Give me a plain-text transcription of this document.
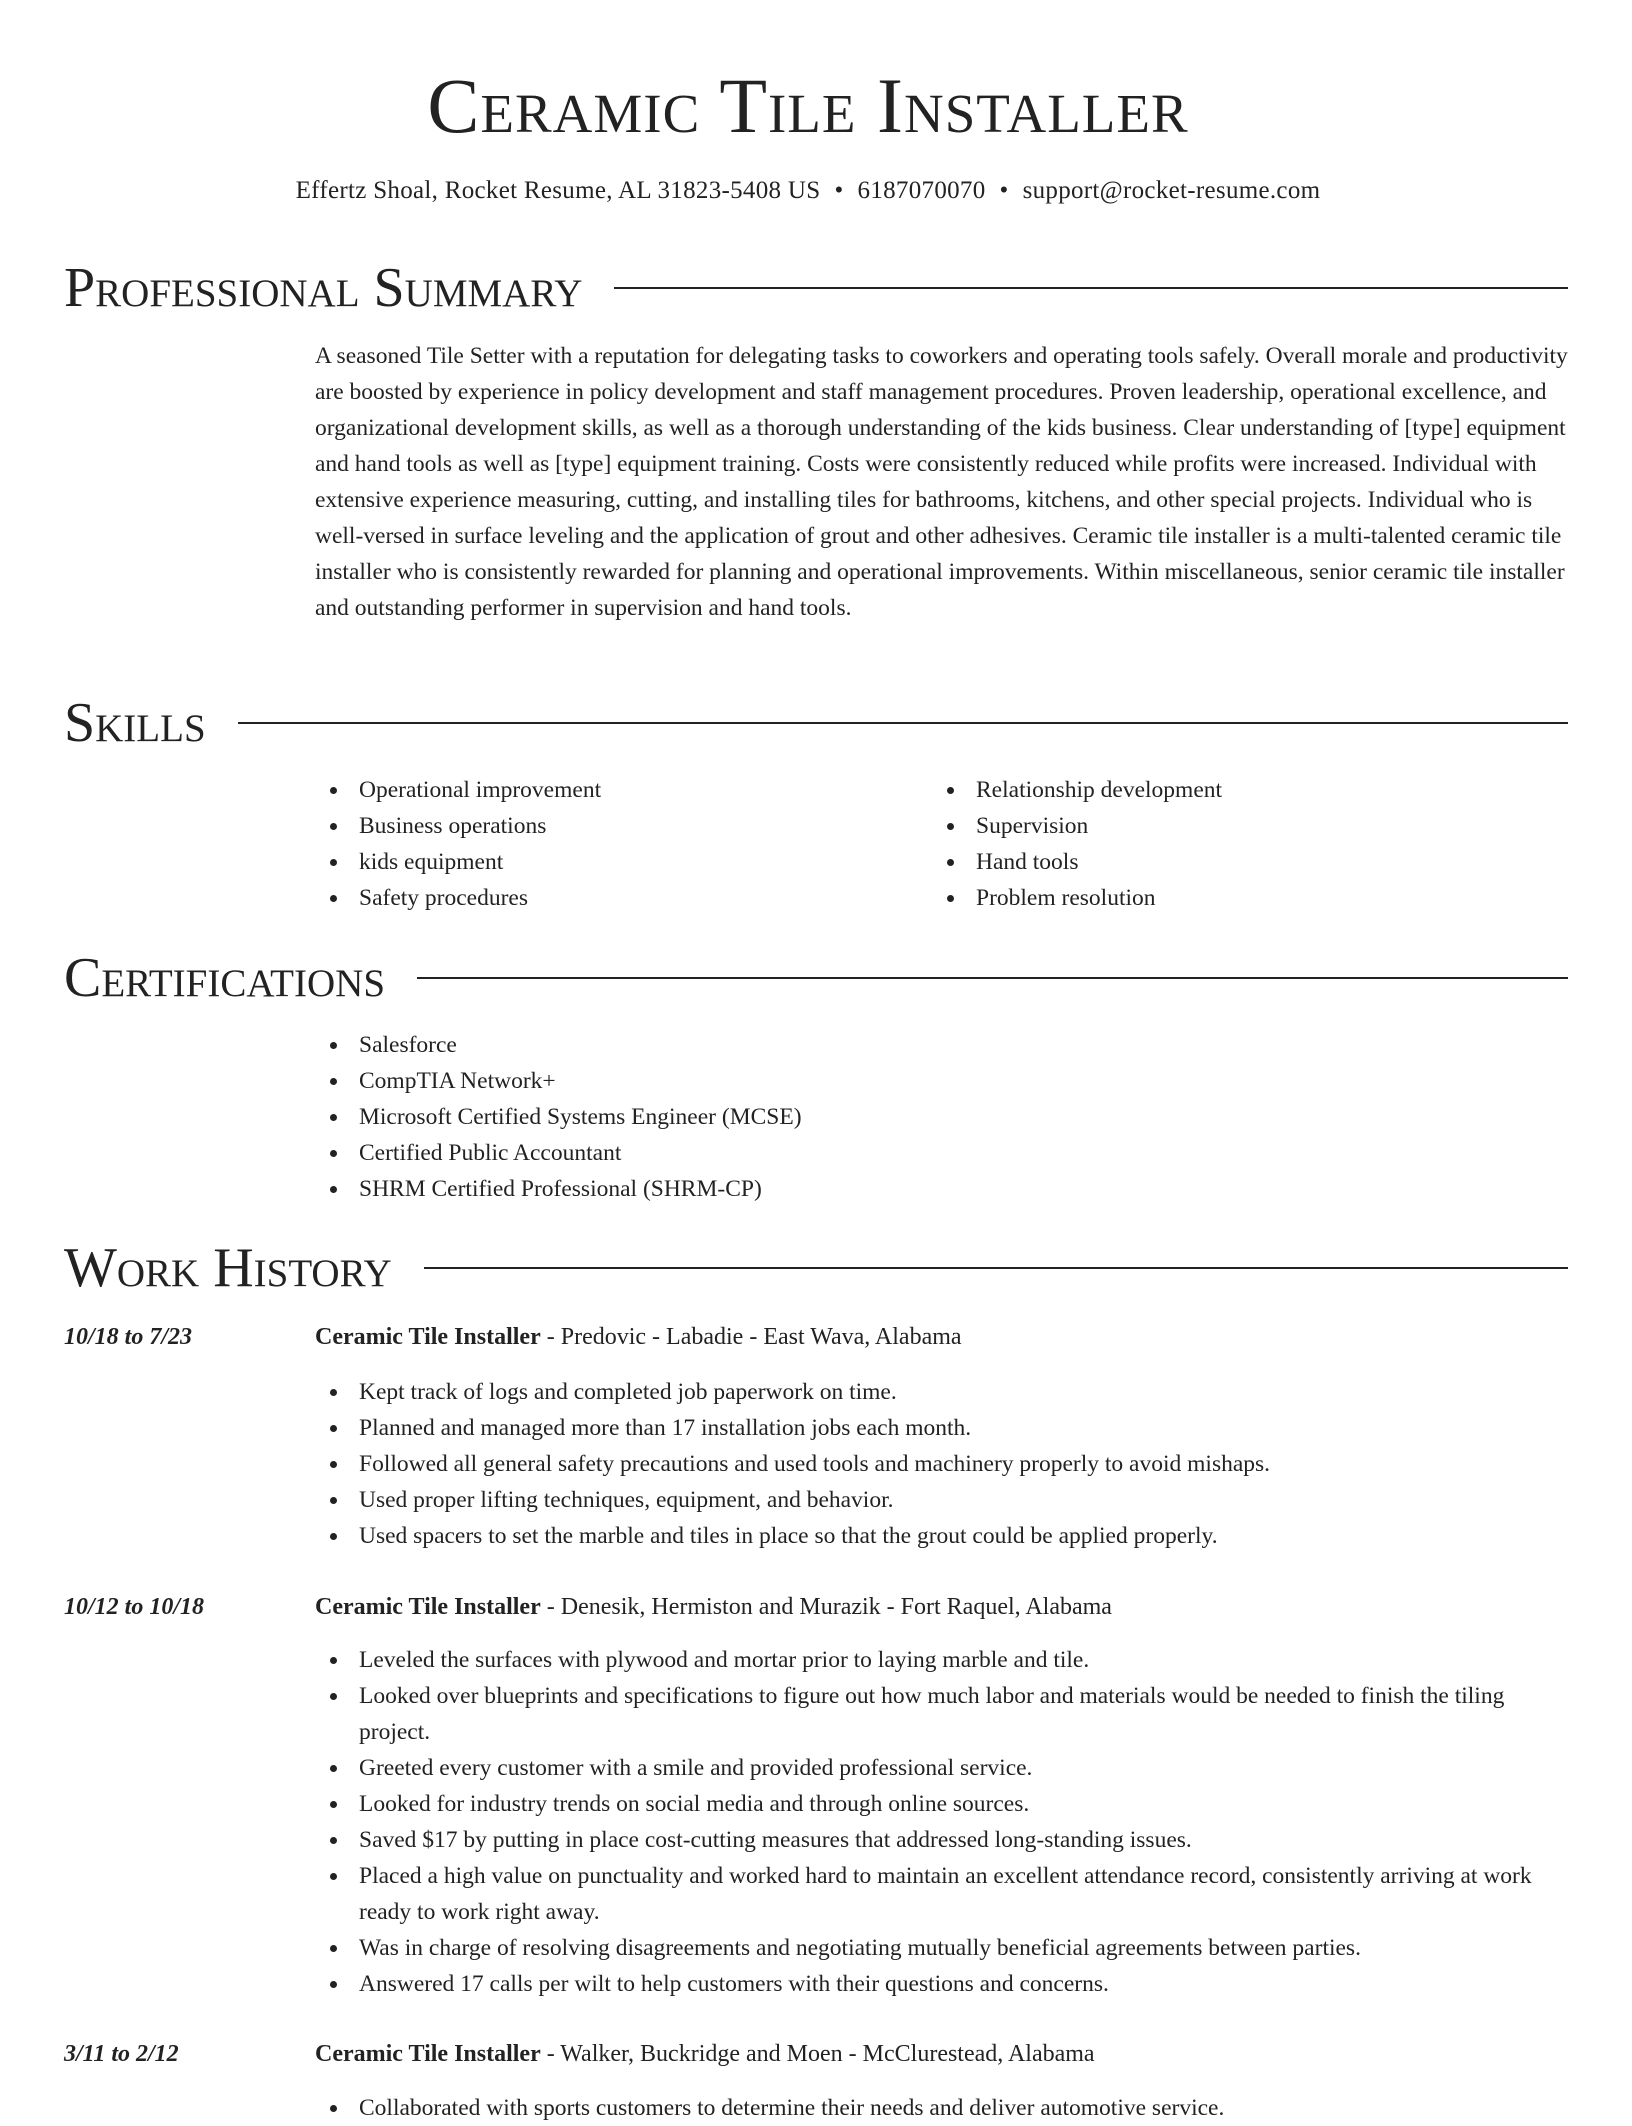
Ceramic Tile Installer
Effertz Shoal, Rocket Resume, AL 31823-5408 US • 6187070070 • support@rocket-resume.com
Professional Summary

A seasoned Tile Setter with a reputation for delegating tasks to coworkers and operating tools safely. Overall morale and productivity are boosted by experience in policy development and staff management procedures. Proven leadership, operational excellence, and organizational development skills, as well as a thorough understanding of the kids business. Clear understanding of [type] equipment and hand tools as well as [type] equipment training. Costs were consistently reduced while profits were increased. Individual with extensive experience measuring, cutting, and installing tiles for bathrooms, kitchens, and other special projects. Individual who is well-versed in surface leveling and the application of grout and other adhesives. Ceramic tile installer is a multi-talented ceramic tile installer who is consistently rewarded for planning and operational improvements. Within miscellaneous, senior ceramic tile installer and outstanding performer in supervision and hand tools.

Skills
Operational improvement
Business operations
kids equipment
Safety procedures
Relationship development
Supervision
Hand tools
Problem resolution
Certifications
Salesforce
CompTIA Network+
Microsoft Certified Systems Engineer (MCSE)
Certified Public Accountant
SHRM Certified Professional (SHRM-CP)
Work History
10/18 to 7/23	Ceramic Tile Installer - Predovic - Labadie - East Wava, Alabama
Kept track of logs and completed job paperwork on time.
Planned and managed more than 17 installation jobs each month.
Followed all general safety precautions and used tools and machinery properly to avoid mishaps.
Used proper lifting techniques, equipment, and behavior.
Used spacers to set the marble and tiles in place so that the grout could be applied properly.
10/12 to 10/18	Ceramic Tile Installer - Denesik, Hermiston and Murazik - Fort Raquel, Alabama
Leveled the surfaces with plywood and mortar prior to laying marble and tile.
Looked over blueprints and specifications to figure out how much labor and materials would be needed to finish the tiling project.
Greeted every customer with a smile and provided professional service.
Looked for industry trends on social media and through online sources.
Saved $17 by putting in place cost-cutting measures that addressed long-standing issues.
Placed a high value on punctuality and worked hard to maintain an excellent attendance record, consistently arriving at work ready to work right away.
Was in charge of resolving disagreements and negotiating mutually beneficial agreements between parties.
Answered 17 calls per wilt to help customers with their questions and concerns.
3/11 to 2/12	Ceramic Tile Installer - Walker, Buckridge and Moen - McClurestead, Alabama
Collaborated with sports customers to determine their needs and deliver automotive service.
